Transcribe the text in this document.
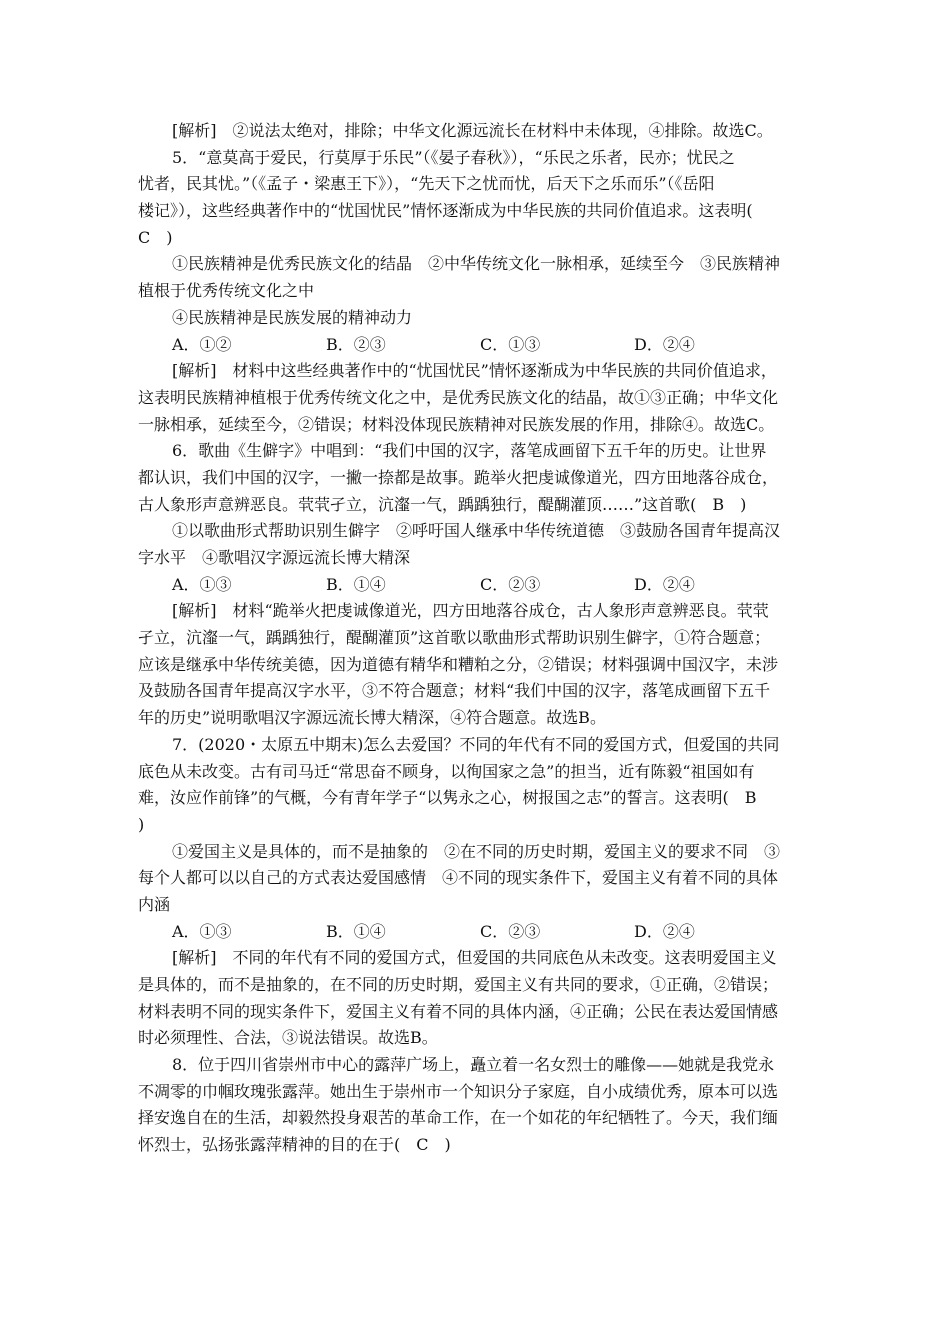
[解析]　②说法太绝对，排除；中华文化源远流长在材料中未体现，④排除。故选C。
5．“意莫高于爱民，行莫厚于乐民”（《晏子春秋》），“乐民之乐者，民亦；忧民之
忧者，民其忧。”（《孟子・梁惠王下》），“先天下之忧而忧，后天下之乐而乐”（《岳阳
楼记》），这些经典著作中的“忧国忧民”情怀逐渐成为中华民族的共同价值追求。这表明(
C　)
①民族精神是优秀民族文化的结晶　②中华传统文化一脉相承，延续至今　③民族精神
植根于优秀传统文化之中
④民族精神是民族发展的精神动力
A．①②	B．②③	C．①③	D．②④
[解析]　材料中这些经典著作中的“忧国忧民”情怀逐渐成为中华民族的共同价值追求，
这表明民族精神植根于优秀传统文化之中，是优秀民族文化的结晶，故①③正确；中华文化
一脉相承，延续至今，②错误；材料没体现民族精神对民族发展的作用，排除④。故选C。
6．歌曲《生僻字》中唱到：“我们中国的汉字，落笔成画留下五千年的历史。让世界
都认识，我们中国的汉字，一撇一捺都是故事。跪举火把虔诚像道光，四方田地落谷成仓，
古人象形声意辨恶良。茕茕孑立，沆瀣一气，踽踽独行，醍醐灌顶……”这首歌(　B　)
①以歌曲形式帮助识别生僻字　②呼吁国人继承中华传统道德　③鼓励各国青年提高汉
字水平　④歌唱汉字源远流长博大精深
A．①③	B．①④	C．②③	D．②④
[解析]　材料“跪举火把虔诚像道光，四方田地落谷成仓，古人象形声意辨恶良。茕茕
孑立，沆瀣一气，踽踽独行，醍醐灌顶”这首歌以歌曲形式帮助识别生僻字，①符合题意；
应该是继承中华传统美德，因为道德有精华和糟粕之分，②错误；材料强调中国汉字，未涉
及鼓励各国青年提高汉字水平，③不符合题意；材料“我们中国的汉字，落笔成画留下五千
年的历史”说明歌唱汉字源远流长博大精深，④符合题意。故选B。
7．(2020・太原五中期末)怎么去爱国？不同的年代有不同的爱国方式，但爱国的共同
底色从未改变。古有司马迁“常思奋不顾身，以徇国家之急”的担当，近有陈毅“祖国如有
难，汝应作前锋”的气概，今有青年学子“以隽永之心，树报国之志”的誓言。这表明(　B
)
①爱国主义是具体的，而不是抽象的　②在不同的历史时期，爱国主义的要求不同　③
每个人都可以以自己的方式表达爱国感情　④不同的现实条件下，爱国主义有着不同的具体
内涵
A．①③	B．①④	C．②③	D．②④
[解析]　不同的年代有不同的爱国方式，但爱国的共同底色从未改变。这表明爱国主义
是具体的，而不是抽象的，在不同的历史时期，爱国主义有共同的要求，①正确，②错误；
材料表明不同的现实条件下，爱国主义有着不同的具体内涵，④正确；公民在表达爱国情感
时必须理性、合法，③说法错误。故选B。
8．位于四川省崇州市中心的露萍广场上，矗立着一名女烈士的雕像——她就是我党永
不凋零的巾帼玫瑰张露萍。她出生于崇州市一个知识分子家庭，自小成绩优秀，原本可以选
择安逸自在的生活，却毅然投身艰苦的革命工作，在一个如花的年纪牺牲了。今天，我们缅
怀烈士，弘扬张露萍精神的目的在于(　C　)
